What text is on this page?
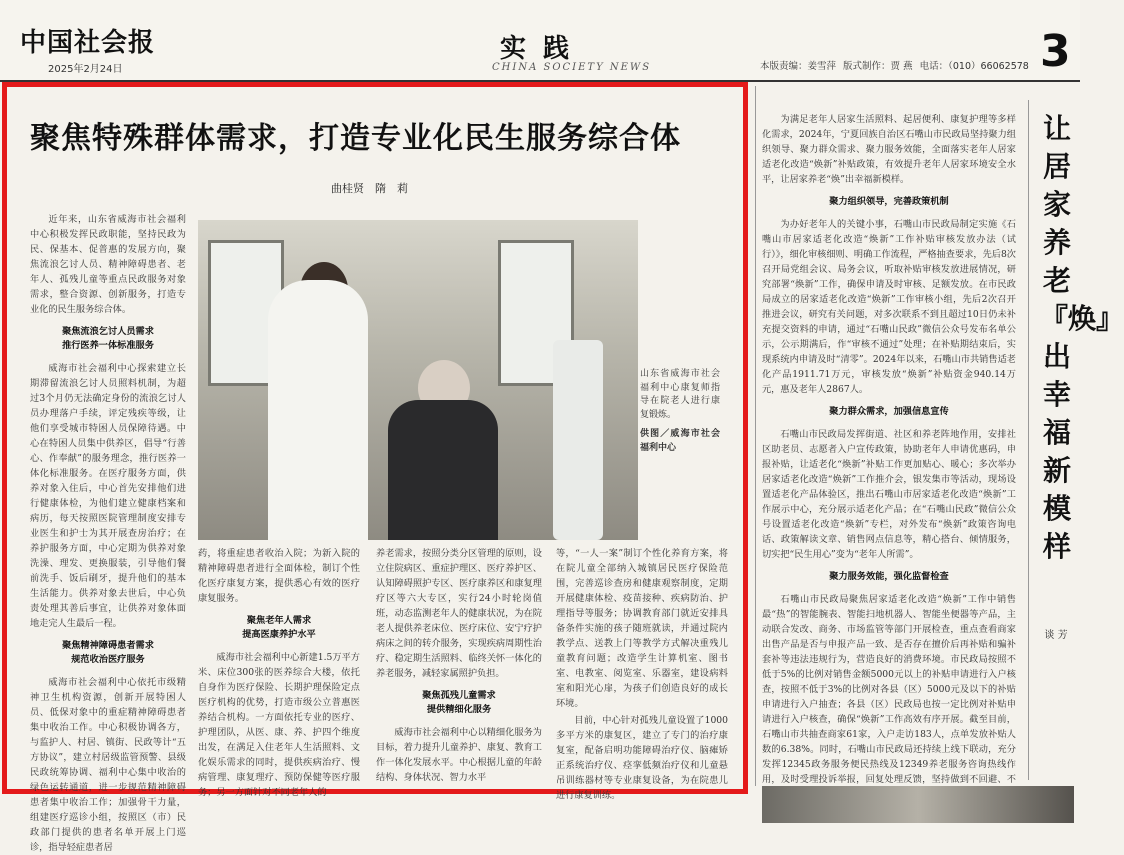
中国社会报
2025年2月24日
实 践
CHINA SOCIETY NEWS	本版责编：姜雪萍 版式制作：贾 燕 电话：（010）66062578 3
聚焦特殊群体需求，打造专业化民生服务综合体
曲桂贤　隋　莉

近年来，山东省威海市社会福利中心积极发挥民政职能，坚持民政为民、保基本、促普惠的发展方向，聚焦流浪乞讨人员、精神障碍患者、老年人、孤残儿童等重点民政服务对象需求，整合资源、创新服务，打造专业化的民生服务综合体。

聚焦流浪乞讨人员需求
推行医养一体标准服务

威海市社会福利中心探索建立长期滞留流浪乞讨人员照料机制，为超过3个月仍无法确定身份的流浪乞讨人员办理落户手续，评定残疾等级，让他们享受城市特困人员保障待遇。中心在特困人员集中供养区，倡导“行善心、作奉献”的服务理念，推行医养一体化标准服务。在医疗服务方面，供养对象入住后，中心首先安排他们进行健康体检，为他们建立健康档案和病历，每天按照医院管理制度安排专业医生和护士为其开展查房治疗；在养护服务方面，中心定期为供养对象洗澡、理发、更换服装，引导他们餐前洗手、饭后刷牙，提升他们的基本生活能力。供养对象去世后，中心负责处理其善后事宜，让供养对象体面地走完人生最后一程。

聚焦精神障碍患者需求
规范收治医疗服务

威海市社会福利中心依托市级精神卫生机构资源，创新开展特困人员、低保对象中的重症精神障碍患者集中收治工作。中心积极协调各方，与监护人、村居、镇街、民政等计“五方协议”，建立村居级监管预警、县级民政统筹协调、福利中心集中收治的绿色运转通道，进一步规范精神障碍患者集中收治工作；加强骨干力量，组建医疗巡诊小组，按照区（市）民政部门提供的患者名单开展上门巡诊，指导轻症患者居

山东省威海市社会福利中心康复师指导在院老人进行康复锻炼。
供图／威海市社会福利中心

药，将重症患者收治入院；为新入院的精神障碍患者进行全面体检，制订个性化医疗康复方案，提供悉心有效的医疗康复服务。

聚焦老年人需求
提高医康养护水平

威海市社会福利中心新建1.5万平方米、床位300张的医养综合大楼，依托自身作为医疗保险、长期护理保险定点医疗机构的优势，打造市级公立普惠医养结合机构。一方面依托专业的医疗、护理团队，从医、康、养、护四个维度出发，在满足入住老年人生活照料、文化娱乐需求的同时，提供疾病治疗、慢病管理、康复理疗、预防保健等医疗服务；另一方面针对不同老年人的

养老需求，按照分类分区管理的原则，设立住院病区、重症护理区、医疗养护区、认知障碍照护专区、医疗康养区和康复理疗区等六大专区，实行24小时轮岗值班，动态监测老年人的健康状况，为在院老人提供养老床位、医疗床位、安宁疗护病床之间的转介服务，实现疾病周期性治疗、稳定期生活照料、临终关怀一体化的养老服务，减轻家属照护负担。

聚焦孤残儿童需求
提供精细化服务

威海市社会福利中心以精细化服务为目标，着力提升儿童养护、康复、教育工作一体化发展水平。中心根据儿童的年龄结构、身体状况、智力水平

等，“一人一案”制订个性化养育方案，将在院儿童全部纳入城镇居民医疗保险范围，完善巡诊查房和健康观察制度，定期开展健康体检、疫苗接种、疾病防治、护理指导等服务；协调教育部门就近安排具备条件实施的孩子随班就读，并通过院内教学点、送教上门等教学方式解决重残儿童教育问题；改造学生计算机室、图书室、电教室、阅览室、乐器室，建设病料室和阳光心扉，为孩子们创造良好的成长环境。

目前，中心针对孤残儿童设置了1000多平方米的康复区，建立了专门的治疗康复室，配备启明功能障碍治疗仪、脑瘫矫正系统治疗仪、痉挛低频治疗仪和儿童悬吊训练器材等专业康复设备，为在院患儿进行康复训练。

为满足老年人居家生活照料、起居便利、康复护理等多样化需求，2024年，宁夏回族自治区石嘴山市民政局坚持聚力组织领导、聚力群众需求、聚力服务效能，全面落实老年人居家适老化改造“焕新”补贴政策，有效提升老年人居家环境安全水平，让居家养老“焕”出幸福新模样。

聚力组织领导，完善政策机制

为办好老年人的关键小事，石嘴山市民政局制定实施《石嘴山市居家适老化改造“焕新”工作补贴审核发放办法（试行）》，细化审核细则、明确工作流程，严格抽查要求，先后8次召开局党组会议、局务会议，听取补贴审核发放进展情况，研究部署“焕新”工作，确保申请及时审核、足额发放。在市民政局成立的居家适老化改造“焕新”工作审核小组，先后2次召开推进会议，研究有关问题，对多次联系不到且超过10日仍未补充提交资料的申请，通过“石嘴山民政”微信公众号发布名单公示，公示期满后，作“审核不通过”处理；在补贴期结束后，实现系统内申请及时“清零”。2024年以来，石嘴山市共销售适老化产品1911.71万元，审核发放“焕新”补贴资金940.14万元，惠及老年人2867人。

聚力群众需求，加强信息宣传

石嘴山市民政局发挥街道、社区和养老阵地作用，安排社区助老员、志愿者入户宣传政策，协助老年人申请优惠码，申报补贴，让适老化“焕新”补贴工作更加贴心、暖心；多次举办居家适老化改造“焕新”工作推介会，银发集市等活动，现场设置适老化产品体验区，推出石嘴山市居家适老化改造“焕新”工作展示中心，充分展示适老化产品；在“石嘴山民政”微信公众号设置适老化改造“焕新”专栏，对外发布“焕新”政策咨询电话、政策解读文章、销售网点信息等，精心搭台、倾情服务，切实把“民生用心”变为“老年人所需”。

聚力服务效能，强化监督检查

石嘴山市民政局聚焦居家适老化改造“焕新”工作中销售最“热”的智能腕表、智能扫地机器人、智能坐便器等产品，主动联合发改、商务、市场监管等部门开展检查，重点查看商家出售产品是否与申报产品一致、是否存在擅价后再补贴和骗补套补等违法违规行为，营造良好的消费环境。市民政局按照不低于5%的比例对销售金额5000元以上的补贴申请进行入户核查，按照不低于3%的比例对各县（区）5000元及以下的补贴申请进行入户抽查；各县（区）民政局也按一定比例对补贴申请进行入户核查，确保“焕新”工作高效有序开展。截至目前，石嘴山市共抽查商家61家，入户走访183人，点单发放补贴人数的6.38%。同时，石嘴山市民政局还持续上线下联动，充分发挥12345政务服务便民热线及12349养老服务咨询热线作用，及时受理投诉举报，回复处理反馈，坚持做到不回避、不

让居家养老『焕』出幸福新模样
谈 芳
